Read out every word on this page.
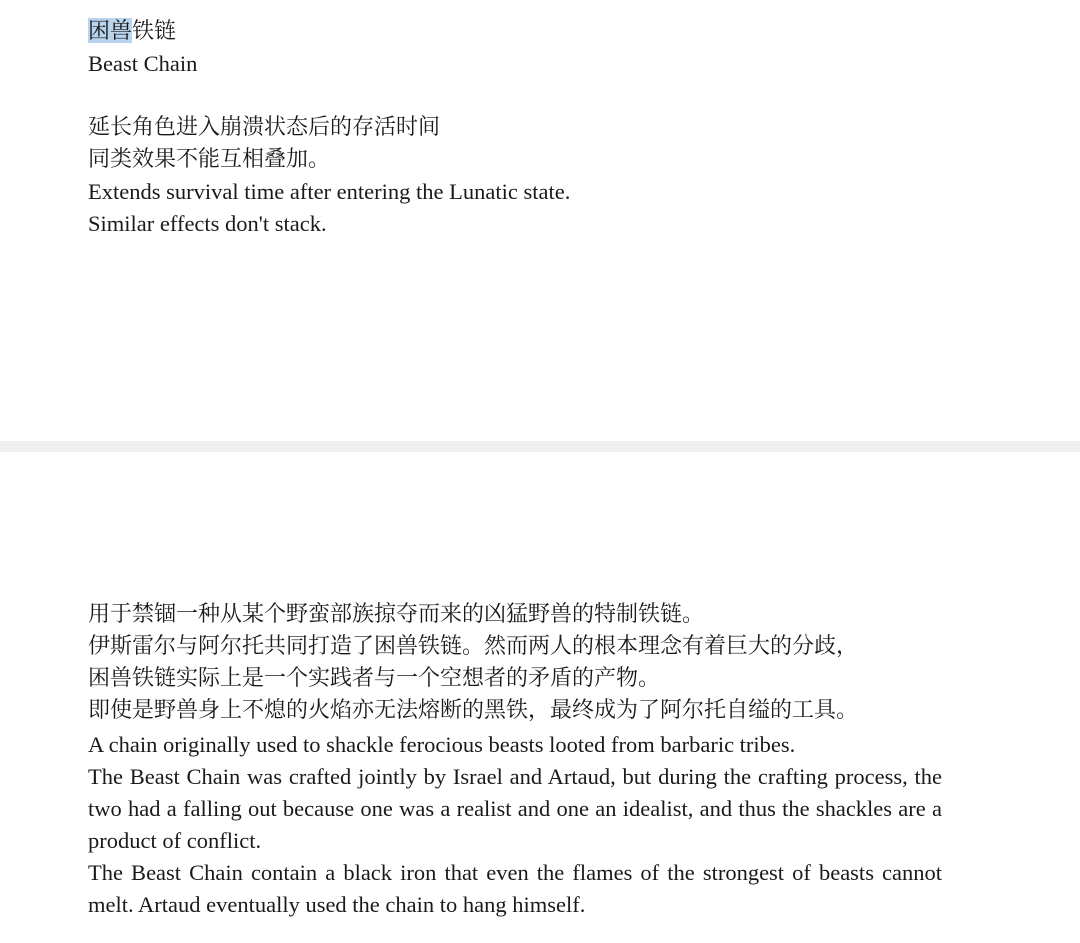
困兽铁链
Beast Chain
延长角色进入崩溃状态后的存活时间
同类效果不能互相叠加。
Extends survival time after entering the Lunatic state.
Similar effects don't stack.
用于禁锢一种从某个野蛮部族掠夺而来的凶猛野兽的特制铁链。
伊斯雷尔与阿尔托共同打造了困兽铁链。然而两人的根本理念有着巨大的分歧，
困兽铁链实际上是一个实践者与一个空想者的矛盾的产物。
即使是野兽身上不熄的火焰亦无法熔断的黑铁，最终成为了阿尔托自缢的工具。
A chain originally used to shackle ferocious beasts looted from barbaric tribes.
The Beast Chain was crafted jointly by Israel and Artaud, but during the crafting process, the two had a falling out because one was a realist and one an idealist, and thus the shackles are a product of conflict.
The Beast Chain contain a black iron that even the flames of the strongest of beasts cannot melt. Artaud eventually used the chain to hang himself.
